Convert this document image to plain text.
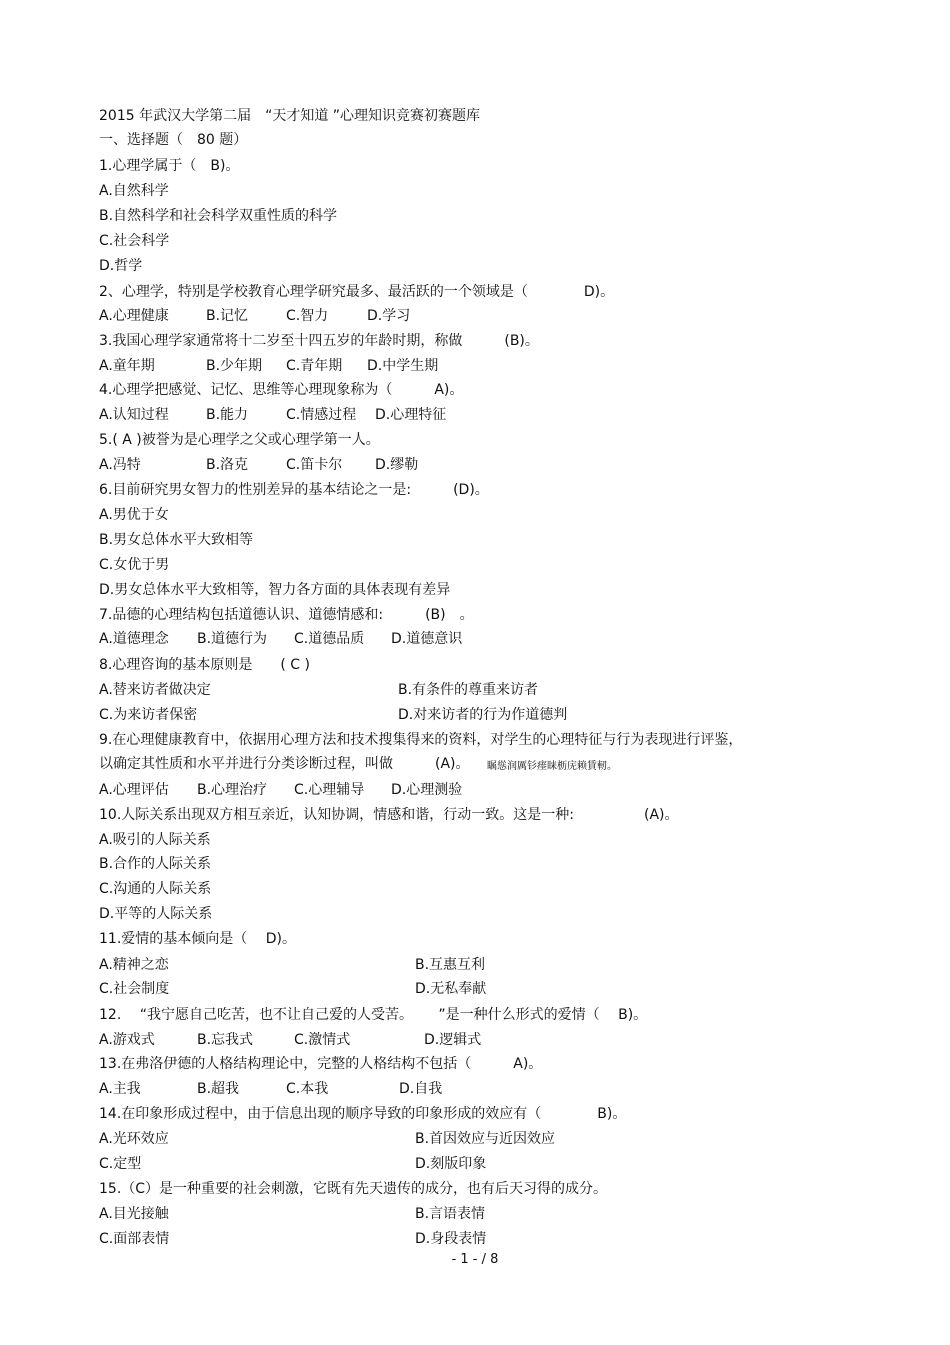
2015 年武汉大学第二届　“天才知道 ”心理知识竞赛初赛题库
一、选择题（　80 题）
1.心理学属于（　B)。
A.自然科学
B.自然科学和社会科学双重性质的科学
C.社会科学
D.哲学
2、心理学，特别是学校教育心理学研究最多、最活跃的一个领域是（　　　　D)。
A.心理健康	B.记忆	C.智力	D.学习
3.我国心理学家通常将十二岁至十四五岁的年龄时期，称做　　　(B)。
A.童年期	B.少年期 C.青年期 D.中学生期
4.心理学把感觉、记忆、思维等心理现象称为（　　　A)。
A.认知过程	B.能力	C.情感过程 D.心理特征
5.( A )被誉为是心理学之父或心理学第一人。
A.冯特	B.洛克	C.笛卡尔 D.缪勒
6.目前研究男女智力的性别差异的基本结论之一是:　　　(D)。
A.男优于女
B.男女总体水平大致相等
C.女优于男
D.男女总体水平大致相等，智力各方面的具体表现有差异
7.品德的心理结构包括道德认识、道德情感和:　　　(B)　。
A.道德理念 B.道德行为 C.道德品质 D.道德意识
8.心理咨询的基本原则是　　( C )
A.替来访者做决定	B.有条件的尊重来访者
C.为来访者保密	D.对来访者的行为作道德判
9.在心理健康教育中，依据用心理方法和技术搜集得来的资料，对学生的心理特征与行为表现进行评鉴，
以确定其性质和水平并进行分类诊断过程，叫做　　　(A)。 瞩慫润厲钐瘗睐枥庑赖賃軔。
A.心理评估 B.心理治疗 C.心理辅导 D.心理测验
10.人际关系出现双方相互亲近，认知协调，情感和谐，行动一致。这是一种:　　　　　(A)。
A.吸引的人际关系
B.合作的人际关系
C.沟通的人际关系
D.平等的人际关系
11.爱情的基本倾向是（　 D)。
A.精神之恋	B.互惠互利
C.社会制度	D.无私奉献
12.　 “我宁愿自己吃苦，也不让自己爱的人受苦。　　 ”是一种什么形式的爱情（　 B)。
A.游戏式	B.忘我式	C.激情式	D.逻辑式
13.在弗洛伊德的人格结构理论中，完整的人格结构不包括（　　　A)。
A.主我	B.超我	C.本我	D.自我
14.在印象形成过程中，由于信息出现的顺序导致的印象形成的效应有（　　　　B)。
A.光环效应	B.首因效应与近因效应
C.定型	D.刻版印象
15.（C）是一种重要的社会刺激，它既有先天遗传的成分，也有后天习得的成分。
A.目光接触	B.言语表情
C.面部表情	D.身段表情
- 1 - / 8
